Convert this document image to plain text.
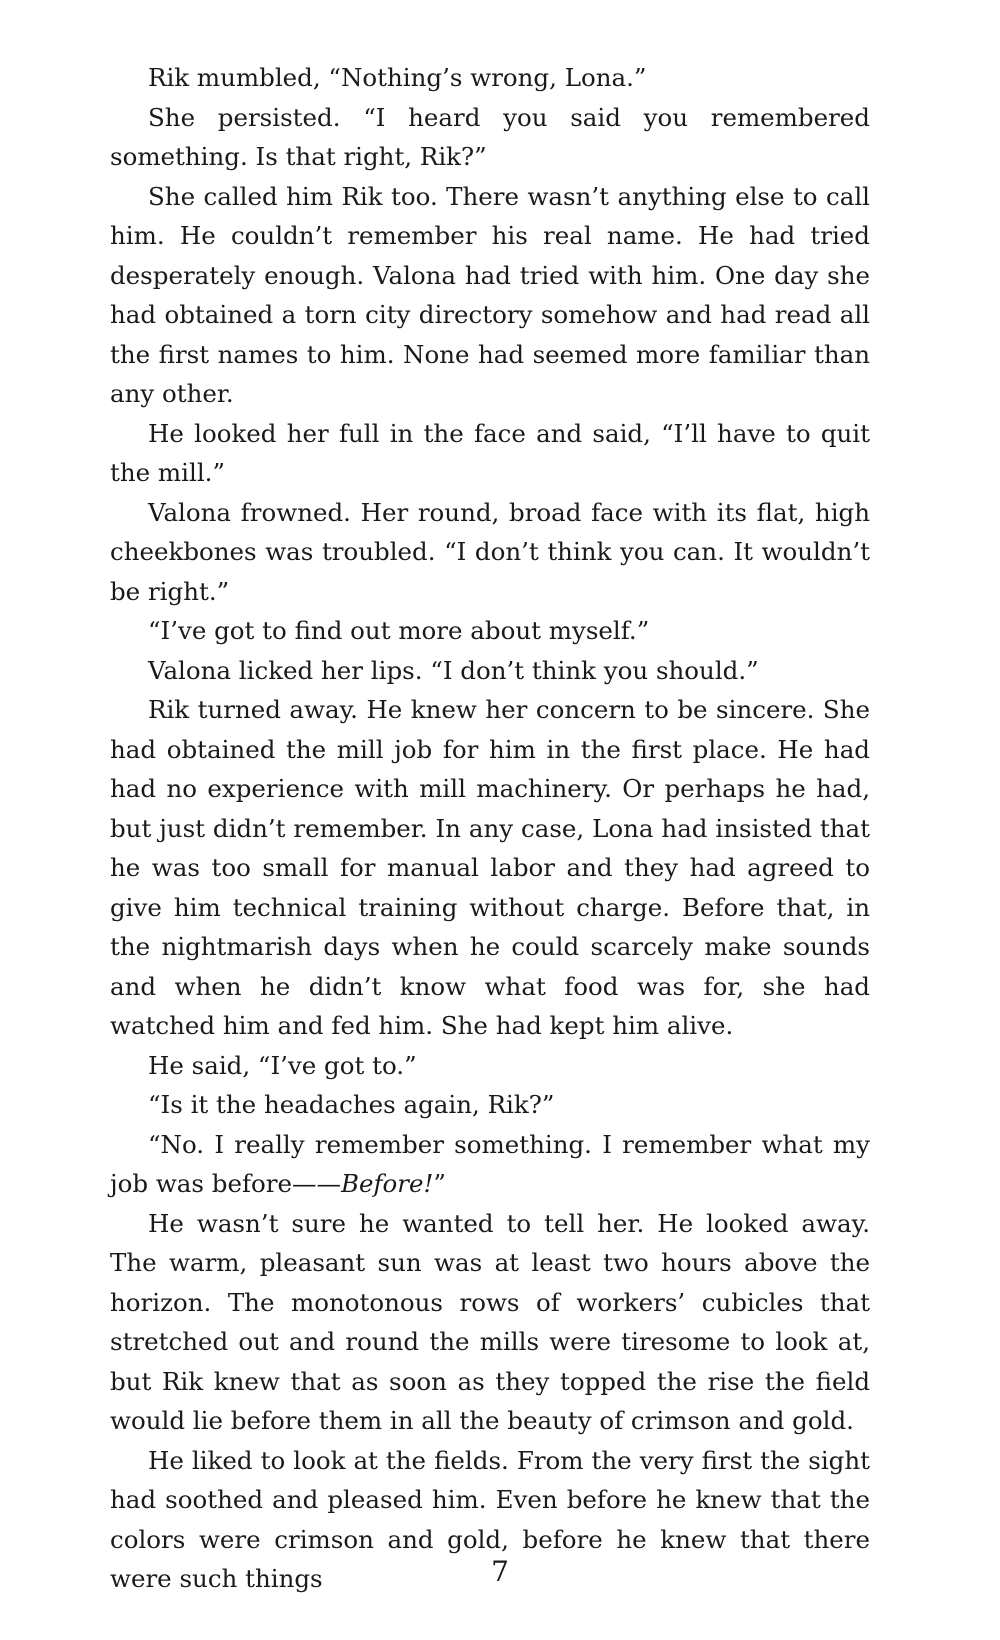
Rik mumbled, “Nothing’s wrong, Lona.”

She persisted. “I heard you said you remembered something. Is that right, Rik?”

She called him Rik too. There wasn’t anything else to call him. He couldn’t remember his real name. He had tried desperately enough. Valona had tried with him. One day she had obtained a torn city directory somehow and had read all the first names to him. None had seemed more familiar than any other.

He looked her full in the face and said, “I’ll have to quit the mill.”

Valona frowned. Her round, broad face with its flat, high cheekbones was troubled. “I don’t think you can. It wouldn’t be right.”

“I’ve got to find out more about myself.”

Valona licked her lips. “I don’t think you should.”

Rik turned away. He knew her concern to be sincere. She had obtained the mill job for him in the first place. He had had no experience with mill machinery. Or perhaps he had, but just didn’t remember. In any case, Lona had insisted that he was too small for manual labor and they had agreed to give him technical training without charge. Before that, in the nightmarish days when he could scarcely make sounds and when he didn’t know what food was for, she had watched him and fed him. She had kept him alive.

He said, “I’ve got to.”

“Is it the headaches again, Rik?”

“No. I really remember something. I remember what my job was before——Before!”

He wasn’t sure he wanted to tell her. He looked away. The warm, pleasant sun was at least two hours above the horizon. The monotonous rows of workers’ cubicles that stretched out and round the mills were tiresome to look at, but Rik knew that as soon as they topped the rise the field would lie before them in all the beauty of crimson and gold.

He liked to look at the fields. From the very first the sight had soothed and pleased him. Even before he knew that the colors were crimson and gold, before he knew that there were such things	7
